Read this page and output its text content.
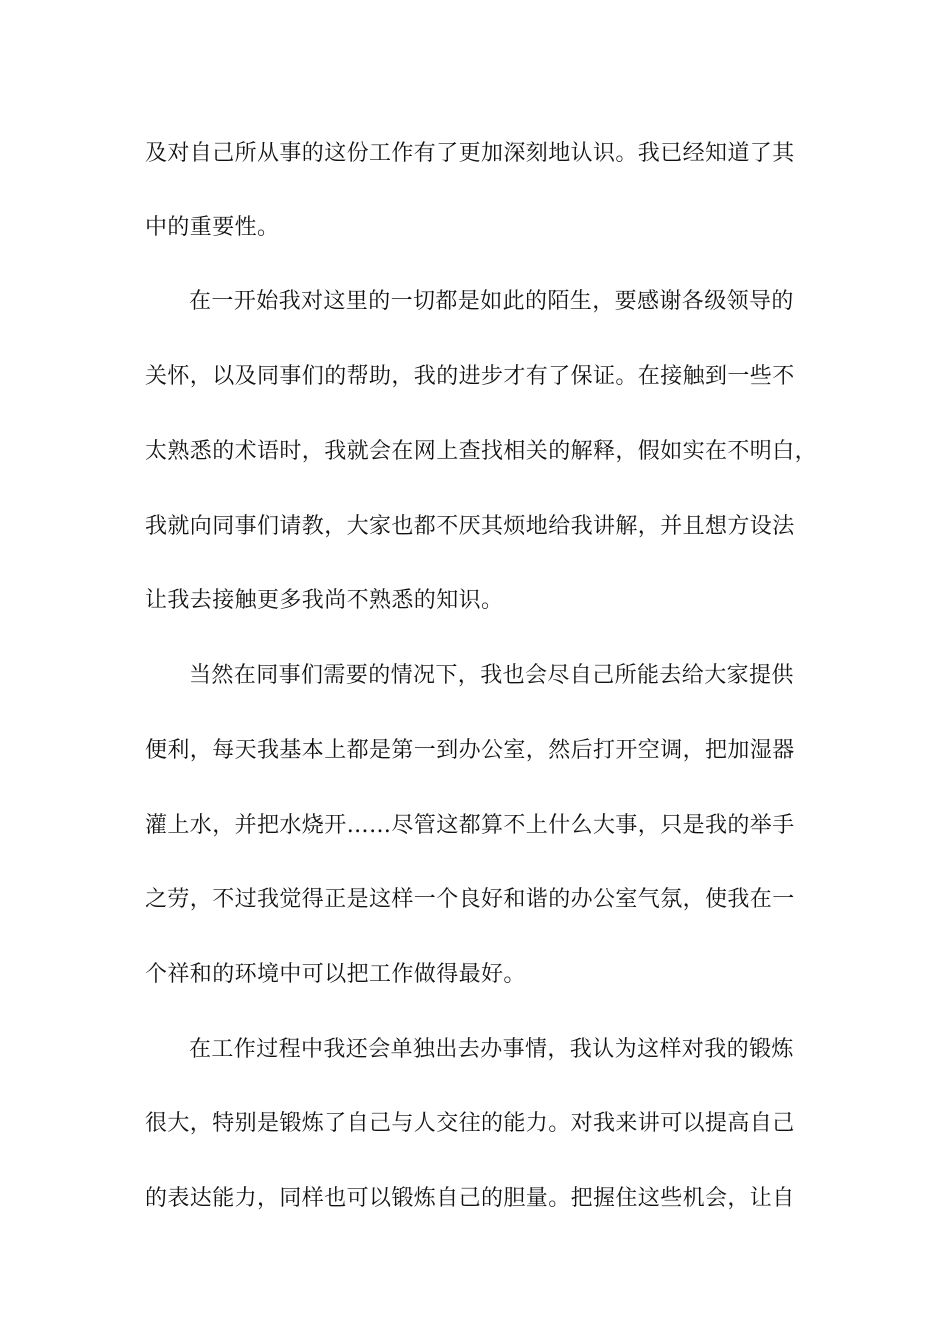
及对自己所从事的这份工作有了更加深刻地认识。我已经知道了其
中的重要性。
在一开始我对这里的一切都是如此的陌生，要感谢各级领导的
关怀，以及同事们的帮助，我的进步才有了保证。在接触到一些不
太熟悉的术语时，我就会在网上查找相关的解释，假如实在不明白，
我就向同事们请教，大家也都不厌其烦地给我讲解，并且想方设法
让我去接触更多我尚不熟悉的知识。
当然在同事们需要的情况下，我也会尽自己所能去给大家提供
便利，每天我基本上都是第一到办公室，然后打开空调，把加湿器
灌上水，并把水烧开……尽管这都算不上什么大事，只是我的举手
之劳，不过我觉得正是这样一个良好和谐的办公室气氛，使我在一
个祥和的环境中可以把工作做得最好。
在工作过程中我还会单独出去办事情，我认为这样对我的锻炼
很大，特别是锻炼了自己与人交往的能力。对我来讲可以提高自己
的表达能力，同样也可以锻炼自己的胆量。把握住这些机会，让自
